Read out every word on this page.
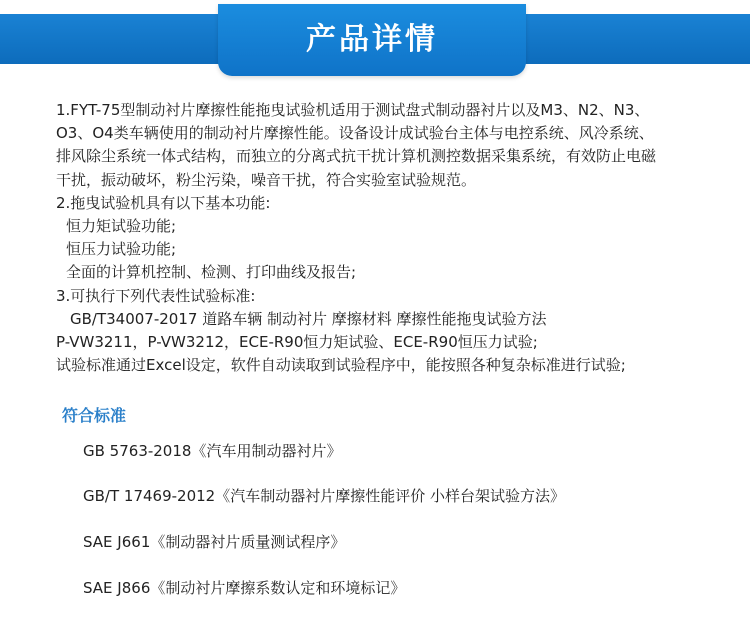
产品详情

1.FYT-75型制动衬片摩擦性能拖曳试验机适用于测试盘式制动器衬片以及M3、N2、N3、

O3、O4类车辆使用的制动衬片摩擦性能。设备设计成试验台主体与电控系统、风冷系统、

排风除尘系统一体式结构，而独立的分离式抗干扰计算机测控数据采集系统，有效防止电磁

干扰，振动破坏，粉尘污染，噪音干扰，符合实验室试验规范。

2.拖曳试验机具有以下基本功能:

恒力矩试验功能;

恒压力试验功能;

全面的计算机控制、检测、打印曲线及报告;

3.可执行下列代表性试验标准:

GB/T34007-2017 道路车辆 制动衬片 摩擦材料 摩擦性能拖曳试验方法

P-VW3211，P-VW3212，ECE-R90恒力矩试验、ECE-R90恒压力试验;

试验标准通过Excel设定，软件自动读取到试验程序中，能按照各种复杂标准进行试验;

符合标准

GB 5763-2018《汽车用制动器衬片》

GB/T 17469-2012《汽车制动器衬片摩擦性能评价 小样台架试验方法》

SAE J661《制动器衬片质量测试程序》

SAE J866《制动衬片摩擦系数认定和环境标记》
